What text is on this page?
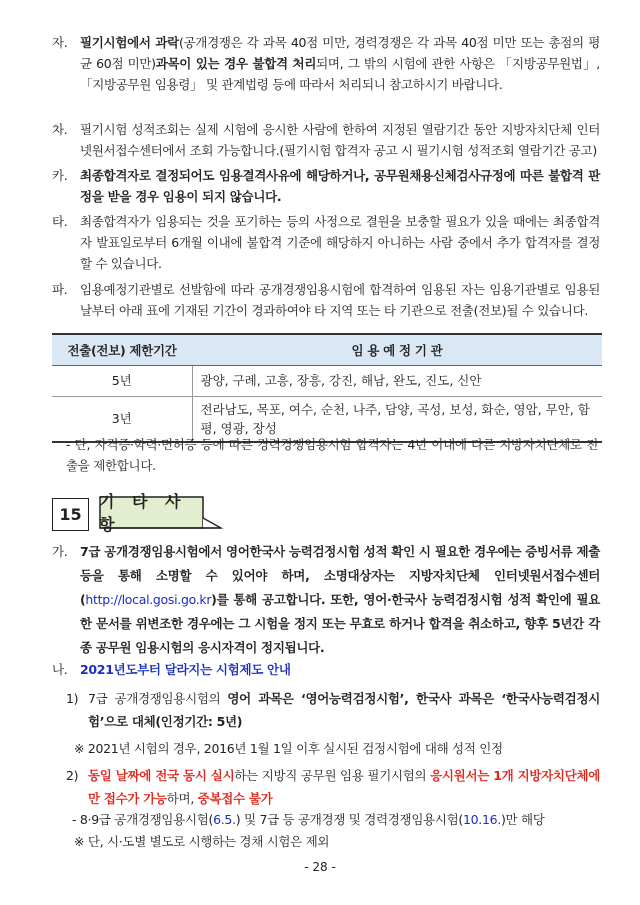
자.	필기시험에서 과락(공개경쟁은 각 과목 40점 미만, 경력경쟁은 각 과목 40점 미만 또는 총점의 평균 60점 미만)과목이 있는 경우 불합격 처리되며, 그 밖의 시험에 관한 사항은 「지방공무원법」, 「지방공무원 임용령」 및 관계법령 등에 따라서 처리되니 참고하시기 바랍니다.
차.	필기시험 성적조회는 실제 시험에 응시한 사람에 한하여 지정된 열람기간 동안 지방자치단체 인터넷원서접수센터에서 조회 가능합니다.(필기시험 합격자 공고 시 필기시험 성적조회 열람기간 공고)
카.	최종합격자로 결정되어도 임용결격사유에 해당하거나, 공무원채용신체검사규정에 따른 불합격 판정을 받을 경우 임용이 되지 않습니다.
타.	최종합격자가 임용되는 것을 포기하는 등의 사정으로 결원을 보충할 필요가 있을 때에는 최종합격자 발표일로부터 6개월 이내에 불합격 기준에 해당하지 아니하는 사람 중에서 추가 합격자를 결정할 수 있습니다.
파.	임용예정기관별로 선발함에 따라 공개경쟁임용시험에 합격하여 임용된 자는 임용기관별로 임용된 날부터 아래 표에 기재된 기간이 경과하여야 타 지역 또는 타 기관으로 전출(전보)될 수 있습니다.
전출(전보) 제한기간	임 용 예 정 기 관
5년	광양, 구례, 고흥, 장흥, 강진, 해남, 완도, 진도, 신안
3년	전라남도, 목포, 여수, 순천, 나주, 담양, 곡성, 보성, 화순, 영암, 무안, 함평, 영광, 장성
- 단, 자격증·학력·면허증 등에 따른 경력경쟁임용시험 합격자는 4년 이내에 다른 지방자치단체로 전출을 제한합니다.
15
기 타 사 항
가.	7급 공개경쟁임용시험에서 영어한국사 능력검정시험 성적 확인 시 필요한 경우에는 증빙서류 제출 등을 통해 소명할 수 있어야 하며, 소명대상자는 지방자치단체 인터넷원서접수센터(http://local.gosi.go.kr)를 통해 공고합니다. 또한, 영어·한국사 능력검정시험 성적 확인에 필요한 문서를 위변조한 경우에는 그 시험을 정지 또는 무효로 하거나 합격을 취소하고, 향후 5년간 각종 공무원 임용시험의 응시자격이 정지됩니다.
나.	2021년도부터 달라지는 시험제도 안내
1) 7급 공개경쟁임용시험의 영어 과목은 ‘영어능력검정시험’, 한국사 과목은 ‘한국사능력검정시험’으로 대체(인정기간: 5년)
※ 2021년 시험의 경우, 2016년 1월 1일 이후 실시된 검정시험에 대해 성적 인정
2) 동일 날짜에 전국 동시 실시하는 지방직 공무원 임용 필기시험의 응시원서는 1개 지방자치단체에만 접수가 가능하며, 중복접수 불가
- 8·9급 공개경쟁임용시험(6.5.) 및 7급 등 공개경쟁 및 경력경쟁임용시험(10.16.)만 해당
※ 단, 시·도별 별도로 시행하는 경채 시험은 제외
- 28 -
